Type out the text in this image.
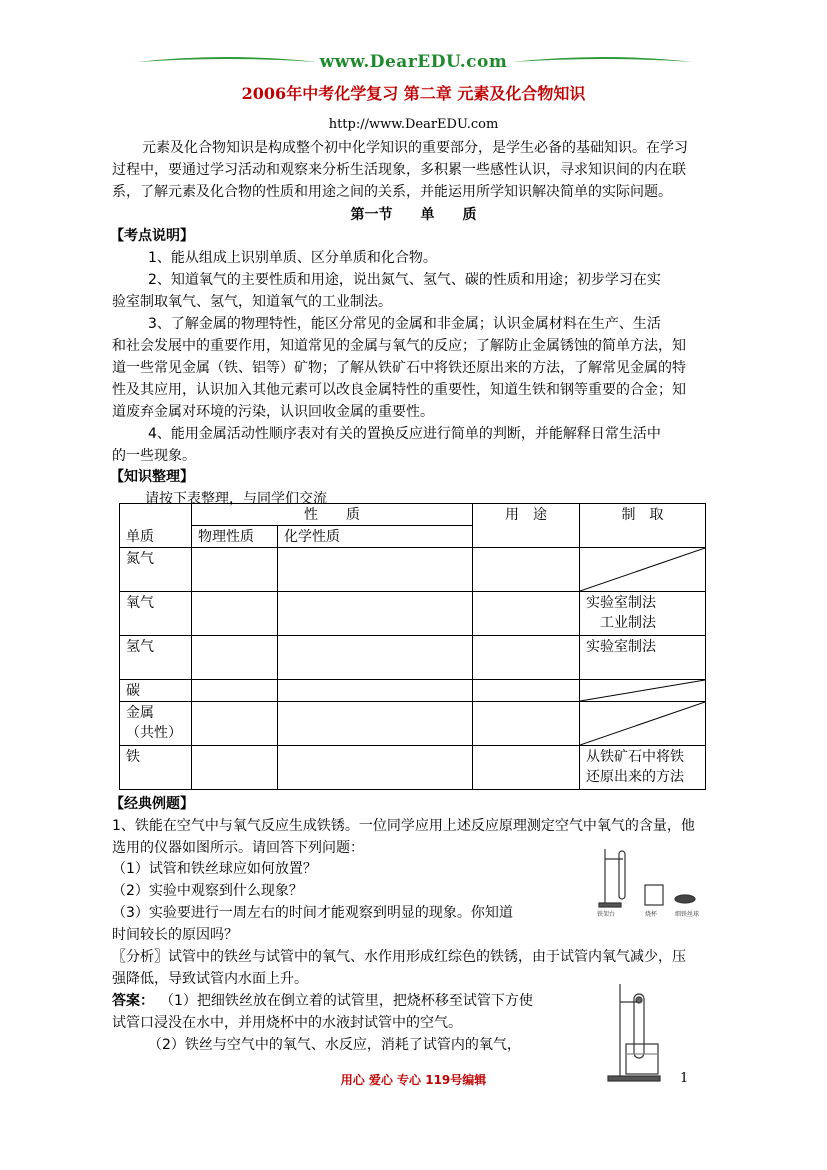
www.DearEDU.com
2006年中考化学复习 第二章 元素及化合物知识
http://www.DearEDU.com
元素及化合物知识是构成整个初中化学知识的重要部分，是学生必备的基础知识。在学习
过程中，要通过学习活动和观察来分析生活现象，多积累一些感性认识，寻求知识间的内在联
系，了解元素及化合物的性质和用途之间的关系，并能运用所学知识解决简单的实际问题。
第一节　　单　　质
【考点说明】
1、能从组成上识别单质、区分单质和化合物。
2、知道氧气的主要性质和用途，说出氮气、氢气、碳的性质和用途；初步学习在实
验室制取氧气、氢气，知道氧气的工业制法。
3、了解金属的物理特性，能区分常见的金属和非金属；认识金属材料在生产、生活
和社会发展中的重要作用，知道常见的金属与氧气的反应；了解防止金属锈蚀的简单方法，知
道一些常见金属（铁、铝等）矿物；了解从铁矿石中将铁还原出来的方法，了解常见金属的特
性及其应用，认识加入其他元素可以改良金属特性的重要性，知道生铁和钢等重要的合金；知
道废弃金属对环境的污染，认识回收金属的重要性。
4、能用金属活动性顺序表对有关的置换反应进行简单的判断，并能解释日常生活中
的一些现象。
【知识整理】
请按下表整理，与同学们交流
单质	性　　质		用　途	制　取
	物理性质	化学性质		
氮气				

氧气				实验室制法
工业制法

氢气				实验室制法
碳				

金属
（共性）

铁				从铁矿石中将铁
还原出来的方法
【经典例题】
1、铁能在空气中与氧气反应生成铁锈。一位同学应用上述反应原理测定空气中氧气的含量，他
选用的仪器如图所示。请回答下列问题：
（1）试管和铁丝球应如何放置？
（2）实验中观察到什么现象？
（3）实验要进行一周左右的时间才能观察到明显的现象。你知道
时间较长的原因吗？
〖分析〗试管中的铁丝与试管中的氧气、水作用形成红综色的铁锈，由于试管内氧气减少，压
强降低，导致试管内水面上升。
答案： （1）把细铁丝放在倒立着的试管里，把烧杯移至试管下方使
试管口浸没在水中，并用烧杯中的水液封试管中的空气。
（2）铁丝与空气中的氧气、水反应，消耗了试管内的氧气，
铁架台	烧杯	细铁丝球
用心 爱心 专心 119号编辑	1
